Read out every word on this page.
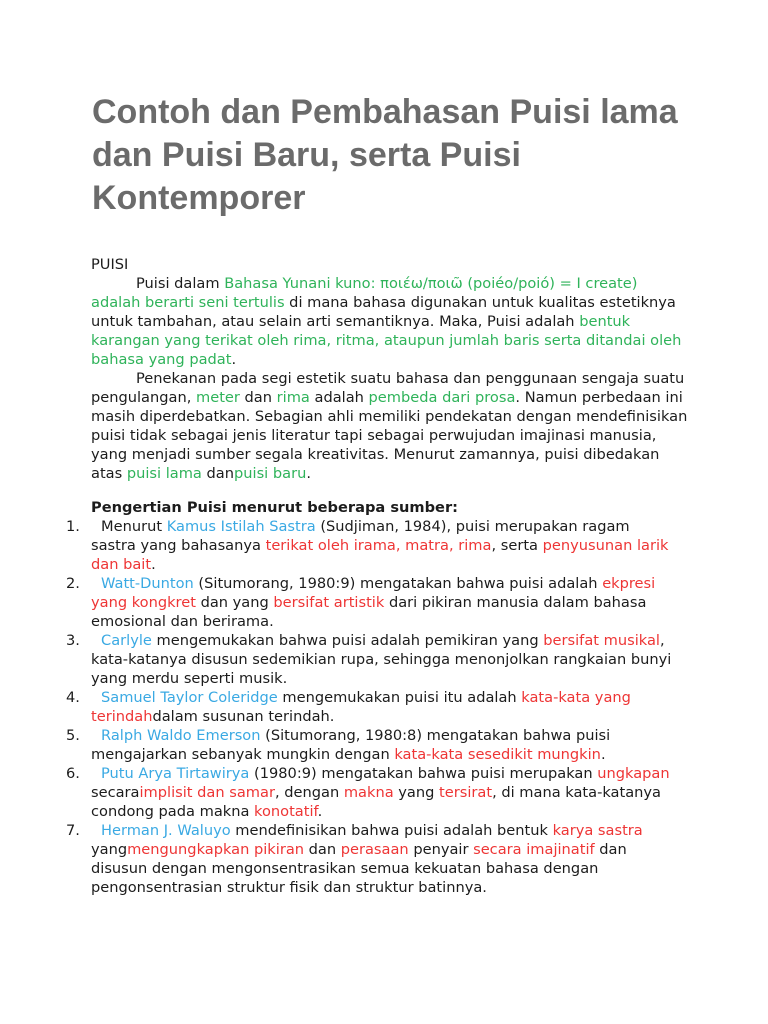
Contoh dan Pembahasan Puisi lama dan Puisi Baru, serta Puisi Kontemporer

PUISI

Puisi dalam Bahasa Yunani kuno: ποιέω/ποιῶ (poiéo/poió) = I create) adalah berarti seni tertulis di mana bahasa digunakan untuk kualitas estetiknya untuk tambahan, atau selain arti semantiknya. Maka, Puisi adalah bentuk karangan yang terikat oleh rima, ritma, ataupun jumlah baris serta ditandai oleh bahasa yang padat.

Penekanan pada segi estetik suatu bahasa dan penggunaan sengaja suatu pengulangan, meter dan rima adalah pembeda dari prosa. Namun perbedaan ini masih diperdebatkan. Sebagian ahli memiliki pendekatan dengan mendefinisikan puisi tidak sebagai jenis literatur tapi sebagai perwujudan imajinasi manusia, yang menjadi sumber segala kreativitas. Menurut zamannya, puisi dibedakan atas puisi lama danpuisi baru.

Pengertian Puisi menurut beberapa sumber:

1. Menurut Kamus Istilah Sastra (Sudjiman, 1984), puisi merupakan ragam sastra yang bahasanya terikat oleh irama, matra, rima, serta penyusunan larik dan bait.
2. Watt-Dunton (Situmorang, 1980:9) mengatakan bahwa puisi adalah ekpresi yang kongkret dan yang bersifat artistik dari pikiran manusia dalam bahasa emosional dan berirama.
3. Carlyle mengemukakan bahwa puisi adalah pemikiran yang bersifat musikal, kata-katanya disusun sedemikian rupa, sehingga menonjolkan rangkaian bunyi yang merdu seperti musik.
4. Samuel Taylor Coleridge mengemukakan puisi itu adalah kata-kata yang terindahdalam susunan terindah.
5. Ralph Waldo Emerson (Situmorang, 1980:8) mengatakan bahwa puisi mengajarkan sebanyak mungkin dengan kata-kata sesedikit mungkin.
6. Putu Arya Tirtawirya (1980:9) mengatakan bahwa puisi merupakan ungkapan secaraimplisit dan samar, dengan makna yang tersirat, di mana kata-katanya condong pada makna konotatif.
7. Herman J. Waluyo mendefinisikan bahwa puisi adalah bentuk karya sastra yangmengungkapkan pikiran dan perasaan penyair secara imajinatif dan disusun dengan mengonsentrasikan semua kekuatan bahasa dengan pengonsentrasian struktur fisik dan struktur batinnya.
